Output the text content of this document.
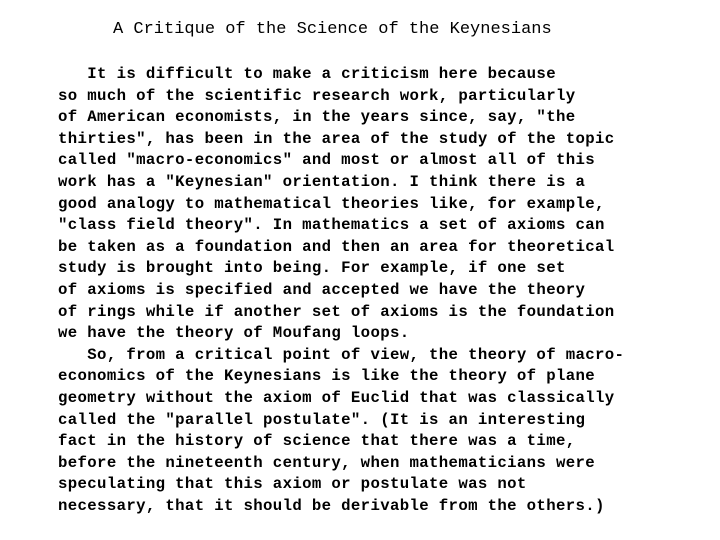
A Critique of the Science of the Keynesians
It is difficult to make a criticism here because
so much of the scientific research work, particularly
of American economists, in the years since, say, "the
thirties", has been in the area of the study of the topic
called "macro-economics" and most or almost all of this
work has a "Keynesian" orientation. I think there is a
good analogy to mathematical theories like, for example,
"class field theory". In mathematics a set of axioms can
be taken as a foundation and then an area for theoretical
study is brought into being. For example, if one set
of axioms is specified and accepted we have the theory
of rings while if another set of axioms is the foundation
we have the theory of Moufang loops.
So, from a critical point of view, the theory of macro-
economics of the Keynesians is like the theory of plane
geometry without the axiom of Euclid that was classically
called the "parallel postulate". (It is an interesting
fact in the history of science that there was a time,
before the nineteenth century, when mathematicians were
speculating that this axiom or postulate was not
necessary, that it should be derivable from the others.)
